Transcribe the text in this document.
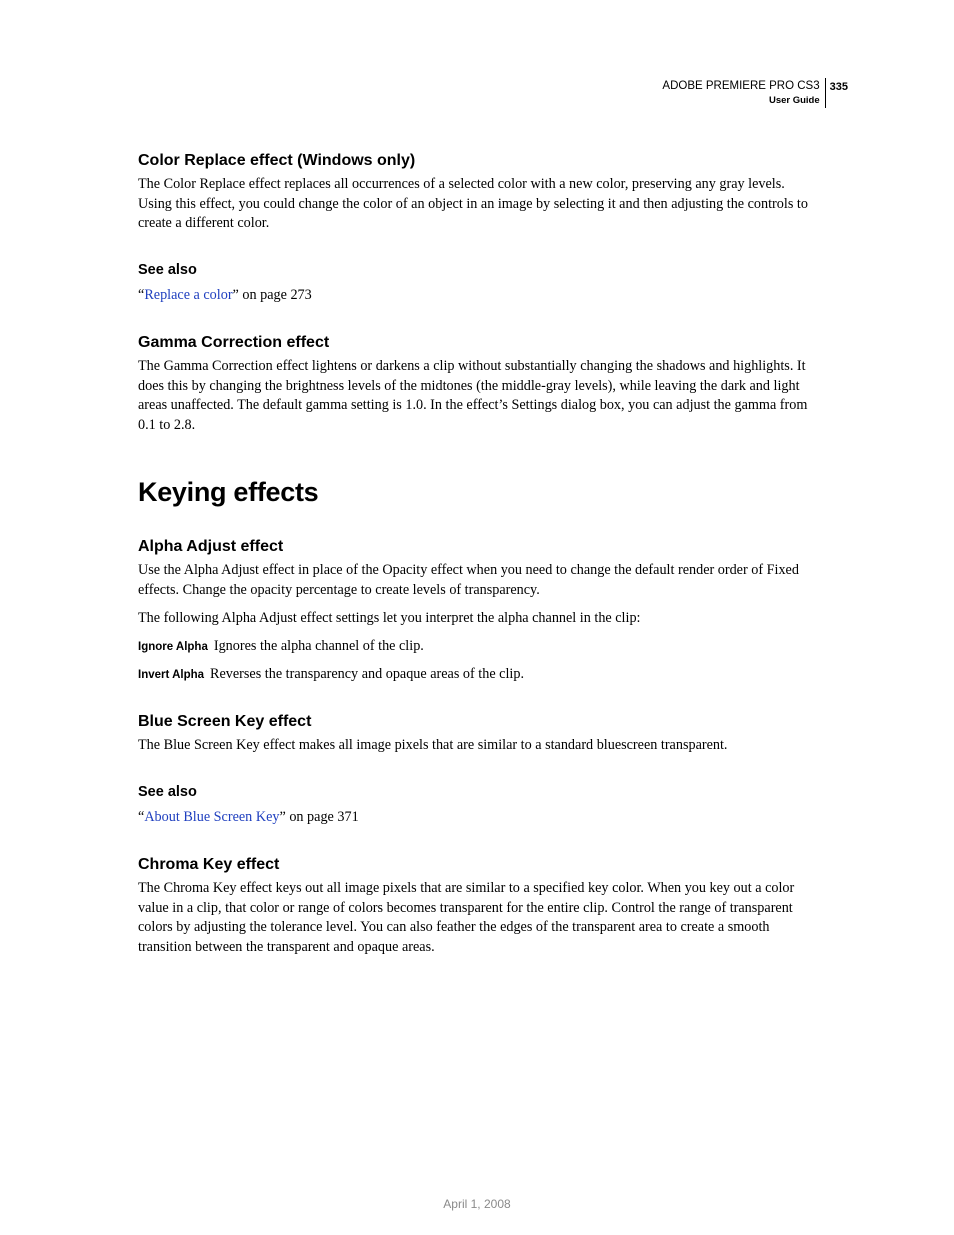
ADOBE PREMIERE PRO CS3
User Guide
335
Color Replace effect (Windows only)
The Color Replace effect replaces all occurrences of a selected color with a new color, preserving any gray levels. Using this effect, you could change the color of an object in an image by selecting it and then adjusting the controls to create a different color.
See also
“Replace a color” on page 273
Gamma Correction effect
The Gamma Correction effect lightens or darkens a clip without substantially changing the shadows and highlights. It does this by changing the brightness levels of the midtones (the middle-gray levels), while leaving the dark and light areas unaffected. The default gamma setting is 1.0. In the effect’s Settings dialog box, you can adjust the gamma from 0.1 to 2.8.
Keying effects
Alpha Adjust effect
Use the Alpha Adjust effect in place of the Opacity effect when you need to change the default render order of Fixed effects. Change the opacity percentage to create levels of transparency.
The following Alpha Adjust effect settings let you interpret the alpha channel in the clip:
Ignore Alpha Ignores the alpha channel of the clip.
Invert Alpha Reverses the transparency and opaque areas of the clip.
Blue Screen Key effect
The Blue Screen Key effect makes all image pixels that are similar to a standard bluescreen transparent.
See also
“About Blue Screen Key” on page 371
Chroma Key effect
The Chroma Key effect keys out all image pixels that are similar to a specified key color. When you key out a color value in a clip, that color or range of colors becomes transparent for the entire clip. Control the range of transparent colors by adjusting the tolerance level. You can also feather the edges of the transparent area to create a smooth transition between the transparent and opaque areas.
April 1, 2008
